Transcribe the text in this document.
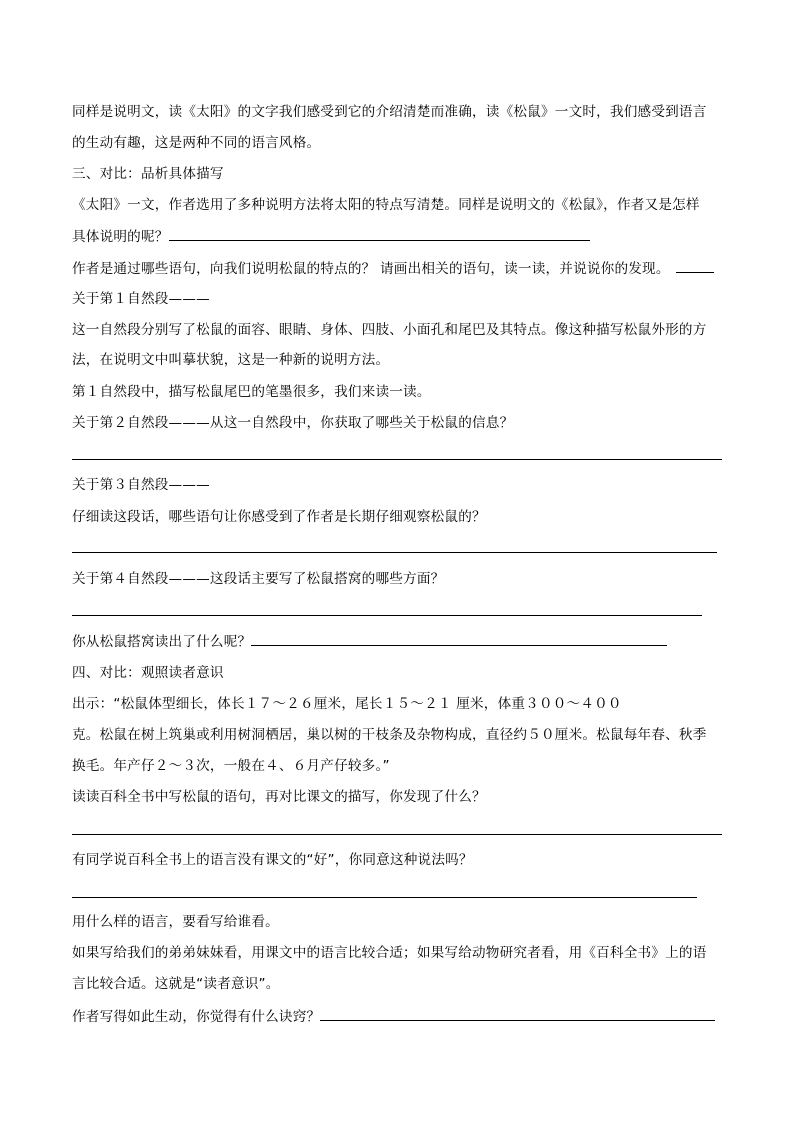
同样是说明文，读《太阳》的文字我们感受到它的介绍清楚而准确，读《松鼠》一文时，我们感受到语言
的生动有趣，这是两种不同的语言风格。
三、对比：品析具体描写
《太阳》一文，作者选用了多种说明方法将太阳的特点写清楚。同样是说明文的《松鼠》，作者又是怎样
具体说明的呢？
作者是通过哪些语句，向我们说明松鼠的特点的？ 请画出相关的语句，读一读，并说说你的发现。
关于第１自然段———
这一自然段分别写了松鼠的面容、眼睛、身体、四肢、小面孔和尾巴及其特点。像这种描写松鼠外形的方
法，在说明文中叫摹状貌，这是一种新的说明方法。
第１自然段中，描写松鼠尾巴的笔墨很多，我们来读一读。
关于第２自然段———从这一自然段中，你获取了哪些关于松鼠的信息？
关于第３自然段———
仔细读这段话，哪些语句让你感受到了作者是长期仔细观察松鼠的？
关于第４自然段———这段话主要写了松鼠搭窝的哪些方面？
你从松鼠搭窝读出了什么呢？
四、对比：观照读者意识
出示：“松鼠体型细长，体长１７～２６厘米，尾长１５～２１ 厘米，体重３００～４００
克。松鼠在树上筑巢或利用树洞栖居，巢以树的干枝条及杂物构成，直径约５０厘米。松鼠每年春、秋季
换毛。年产仔２～３次，一般在４、６月产仔较多。”
读读百科全书中写松鼠的语句，再对比课文的描写，你发现了什么？
有同学说百科全书上的语言没有课文的“好”，你同意这种说法吗？
用什么样的语言，要看写给谁看。
如果写给我们的弟弟妹妹看，用课文中的语言比较合适；如果写给动物研究者看，用《百科全书》上的语
言比较合适。这就是“读者意识”。
作者写得如此生动，你觉得有什么诀窍？
